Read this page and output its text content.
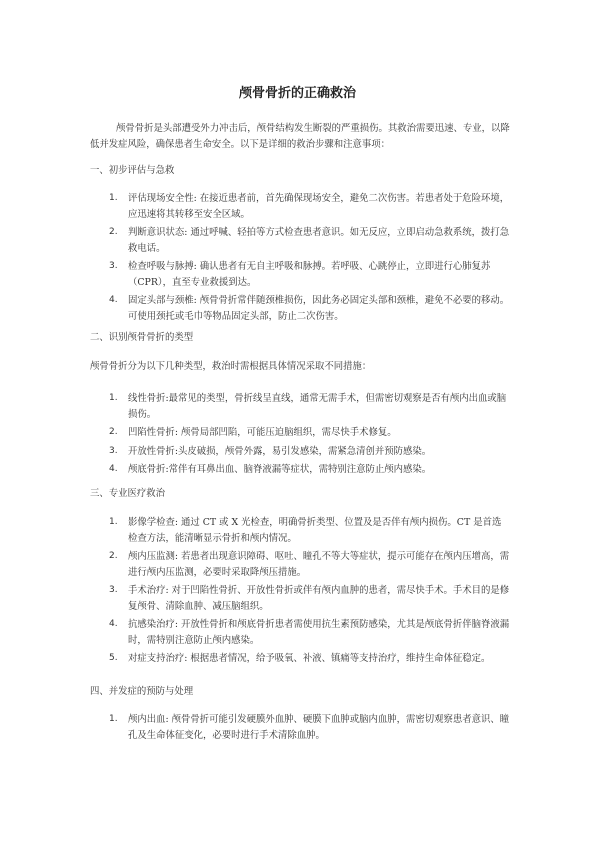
颅骨骨折的正确救治

颅骨骨折是头部遭受外力冲击后，颅骨结构发生断裂的严重损伤。其救治需要迅速、专业，以降低并发症风险，确保患者生命安全。以下是详细的救治步骤和注意事项：

一、初步评估与急救

1. 评估现场安全性: 在接近患者前，首先确保现场安全，避免二次伤害。若患者处于危险环境，应迅速将其转移至安全区域。
2. 判断意识状态: 通过呼喊、轻拍等方式检查患者意识。如无反应，立即启动急救系统，拨打急救电话。
3. 检查呼吸与脉搏: 确认患者有无自主呼吸和脉搏。若呼吸、心跳停止，立即进行心肺复苏（CPR），直至专业救援到达。
4. 固定头部与颈椎: 颅骨骨折常伴随颈椎损伤，因此务必固定头部和颈椎，避免不必要的移动。可使用颈托或毛巾等物品固定头部，防止二次伤害。

二、识别颅骨骨折的类型

颅骨骨折分为以下几种类型，救治时需根据具体情况采取不同措施：

1. 线性骨折:最常见的类型，骨折线呈直线，通常无需手术，但需密切观察是否有颅内出血或脑损伤。
2. 凹陷性骨折: 颅骨局部凹陷，可能压迫脑组织，需尽快手术修复。
3. 开放性骨折:头皮破损，颅骨外露，易引发感染，需紧急清创并预防感染。
4. 颅底骨折:常伴有耳鼻出血、脑脊液漏等症状，需特别注意防止颅内感染。

三、专业医疗救治

1. 影像学检查: 通过 CT 或 X 光检查，明确骨折类型、位置及是否伴有颅内损伤。CT 是首选检查方法，能清晰显示骨折和颅内情况。
2. 颅内压监测: 若患者出现意识障碍、呕吐、瞳孔不等大等症状，提示可能存在颅内压增高，需进行颅内压监测，必要时采取降颅压措施。
3. 手术治疗: 对于凹陷性骨折、开放性骨折或伴有颅内血肿的患者，需尽快手术。手术目的是修复颅骨、清除血肿、减压脑组织。
4. 抗感染治疗: 开放性骨折和颅底骨折患者需使用抗生素预防感染，尤其是颅底骨折伴脑脊液漏时，需特别注意防止颅内感染。
5. 对症支持治疗: 根据患者情况，给予吸氧、补液、镇痛等支持治疗，维持生命体征稳定。

四、并发症的预防与处理

1. 颅内出血: 颅骨骨折可能引发硬膜外血肿、硬膜下血肿或脑内血肿，需密切观察患者意识、瞳孔及生命体征变化，必要时进行手术清除血肿。
